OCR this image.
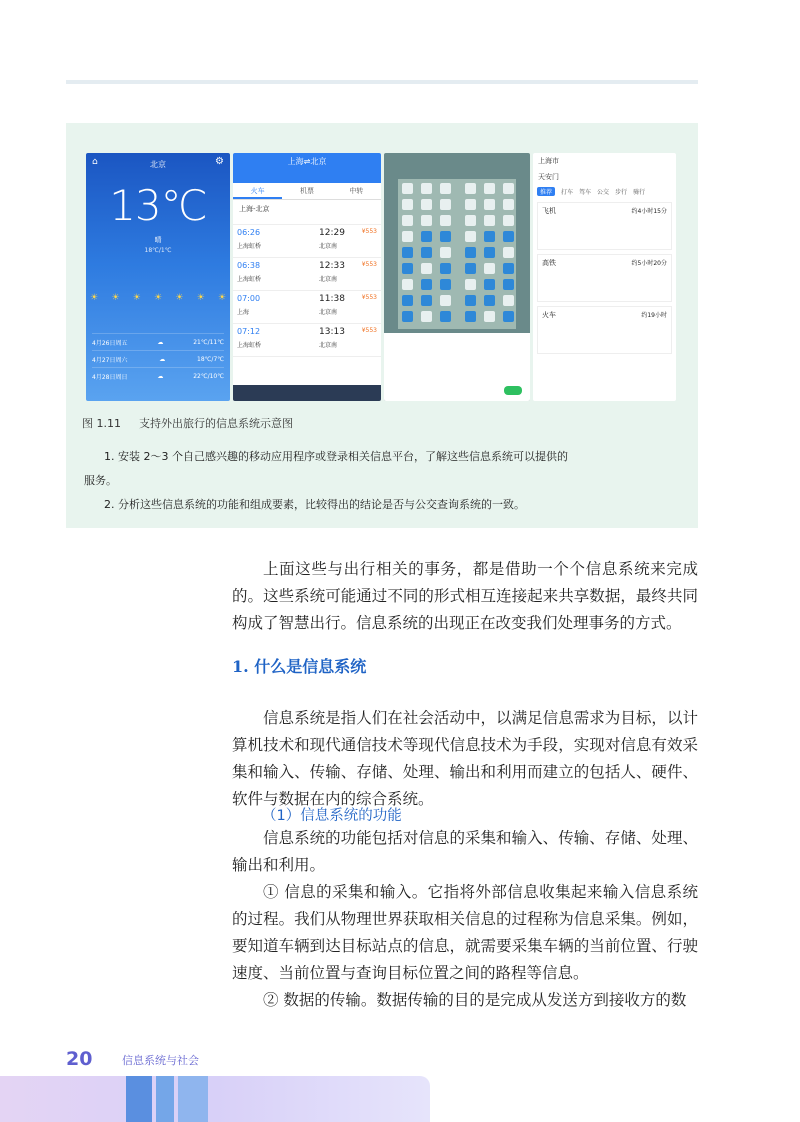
⌂	北京	⚙
13℃
晴
18℃/1℃
☀ ☀ ☀ ☀ ☀ ☀ ☀
4月26日周五	☁	21℃/11℃
4月27日周六	☁	18℃/7℃
4月28日周日	☁	22℃/10℃
上海⇌北京
火车	机票	中转
上海-北京
06:26	12:29	¥553
上海虹桥	北京南
06:38	12:33	¥553
上海虹桥	北京南
07:00	11:38	¥553
上海	北京南
07:12	13:13	¥553
上海虹桥	北京南
上海市
天安门
推荐	打车 驾车 公交 步行 骑行
飞机	约4小时15分
高铁	约5小时20分
火车	约19小时
图 1.11 支持外出旅行的信息系统示意图
1. 安装 2～3 个自己感兴趣的移动应用程序或登录相关信息平台，了解这些信息系统可以提供的
服务。
2. 分析这些信息系统的功能和组成要素，比较得出的结论是否与公交查询系统的一致。

上面这些与出行相关的事务，都是借助一个个信息系统来完成的。这些系统可能通过不同的形式相互连接起来共享数据，最终共同构成了智慧出行。信息系统的出现正在改变我们处理事务的方式。

1. 什么是信息系统

信息系统是指人们在社会活动中，以满足信息需求为目标，以计算机技术和现代通信技术等现代信息技术为手段，实现对信息有效采集和输入、传输、存储、处理、输出和利用而建立的包括人、硬件、软件与数据在内的综合系统。

（1）信息系统的功能

信息系统的功能包括对信息的采集和输入、传输、存储、处理、输出和利用。

① 信息的采集和输入。它指将外部信息收集起来输入信息系统的过程。我们从物理世界获取相关信息的过程称为信息采集。例如，要知道车辆到达目标站点的信息，就需要采集车辆的当前位置、行驶速度、当前位置与查询目标位置之间的路程等信息。

② 数据的传输。数据传输的目的是完成从发送方到接收方的数

20	信息系统与社会
